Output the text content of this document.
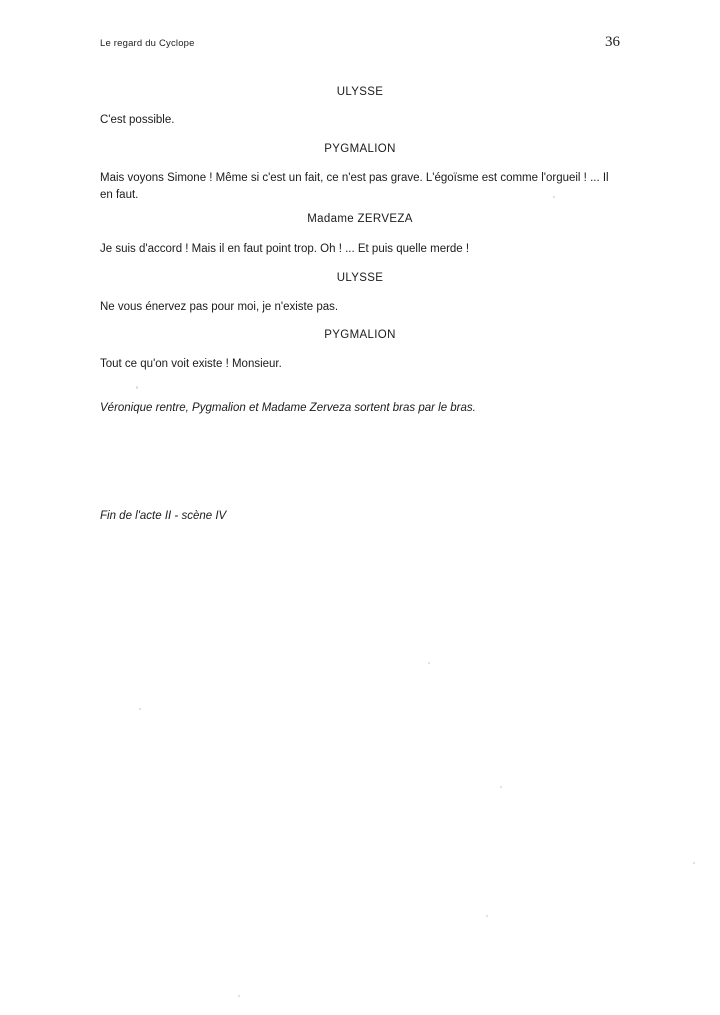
Le regard du Cyclope	36
ULYSSE
C'est possible.
PYGMALION
Mais voyons Simone ! Même si c'est un fait, ce n'est pas grave. L'égoïsme est comme l'orgueil ! ... Il en faut.
Madame ZERVEZA
Je suis d'accord ! Mais il en faut point trop. Oh ! ... Et puis quelle merde !
ULYSSE
Ne vous énervez pas pour moi, je n'existe pas.
PYGMALION
Tout ce qu'on voit existe ! Monsieur.
Véronique rentre, Pygmalion et Madame Zerveza sortent bras par le bras.
Fin de l'acte II - scène IV
